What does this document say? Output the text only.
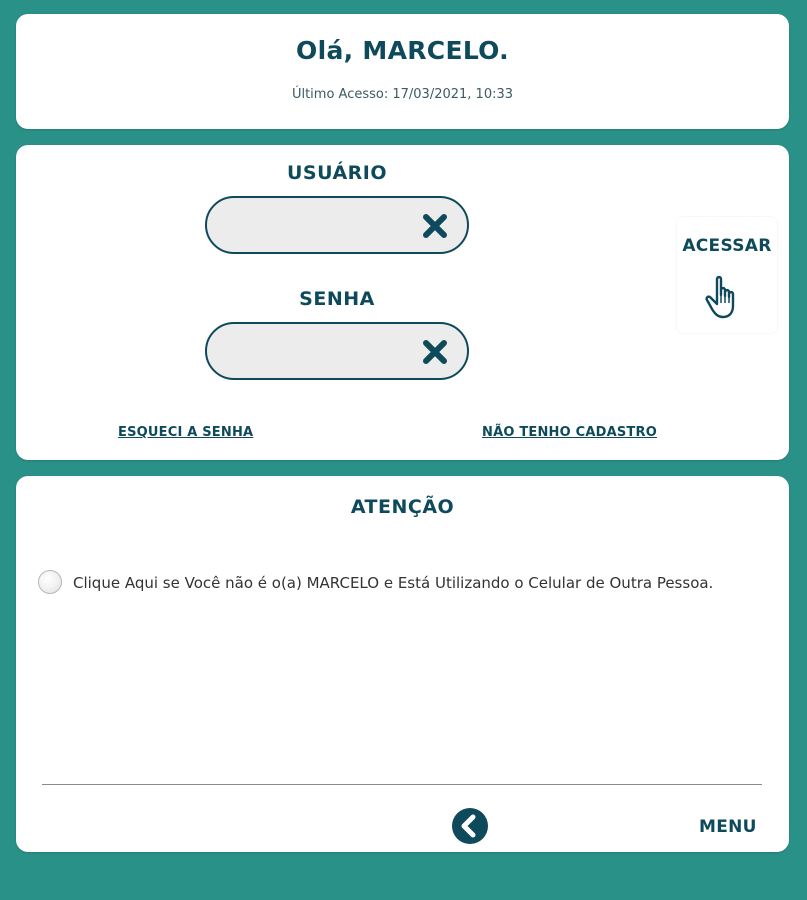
Olá, MARCELO.
Último Acesso: 17/03/2021, 10:33
USUÁRIO
SENHA
ACESSAR
ESQUECI A SENHA	NÃO TENHO CADASTRO
ATENÇÃO
Clique Aqui se Você não é o(a) MARCELO e Está Utilizando o Celular de Outra Pessoa.
MENU
